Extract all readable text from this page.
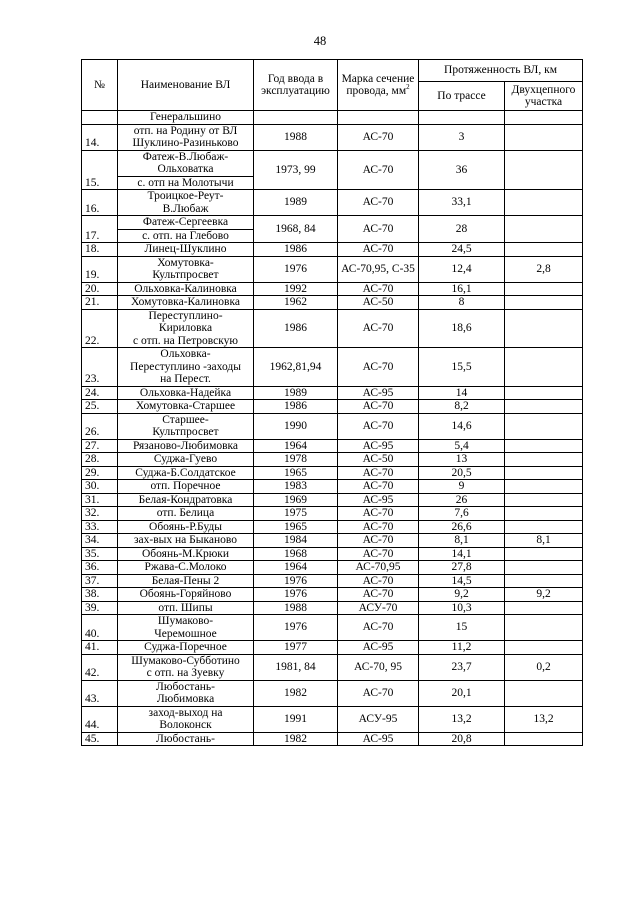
48
№	Наименование ВЛ	Год ввода в эксплуатацию	Марка сечение провода, $мм^2$	Протяженность ВЛ, км	
				По трассе	Двухцепного участка

	Генеральшино				

14.	отп. на Родину от ВЛ
Шуклино-Разиньково	1988	АС-70	3	
15.	Фатеж-В.Любаж-
Ольховатка
с. отп на Молотычи	1973, 99	АС-70	36	
16.	Троицкое-Реут-
В.Любаж	1989	АС-70	33,1	
17.	Фатеж-Сергеевка
с. отп. на Глебово	1968, 84	АС-70	28	
18.	Линец-Шуклино	1986	АС-70	24,5	
19.	Хомутовка-
Культпросвет	1976	АС-70,95, С-35	12,4	2,8
20.	Ольховка-Калиновка	1992	АС-70	16,1	
21.	Хомутовка-Калиновка	1962	АС-50	8	
22.	Переступлино-
Кириловка
с отп. на Петровскую	1986	АС-70	18,6	
23.	Ольховка-
Переступлино -заходы
на Перест.	1962,81,94	АС-70	15,5	
24.	Ольховка-Надейка	1989	АС-95	14	
25.	Хомутовка-Старшее	1986	АС-70	8,2	
26.	Старшее-
Культпросвет	1990	АС-70	14,6	
27.	Рязаново-Любимовка	1964	АС-95	5,4	
28.	Суджа-Гуево	1978	АС-50	13	
29.	Суджа-Б.Солдатское	1965	АС-70	20,5	
30.	отп. Поречное	1983	АС-70	9	
31.	Белая-Кондратовка	1969	АС-95	26	
32.	отп. Белица	1975	АС-70	7,6	
33.	Обоянь-Р.Буды	1965	АС-70	26,6	
34.	зах-вых на Быканово	1984	АС-70	8,1	8,1
35.	Обоянь-М.Крюки	1968	АС-70	14,1	
36.	Ржава-С.Молоко	1964	АС-70,95	27,8	
37.	Белая-Пены 2	1976	АС-70	14,5	
38.	Обоянь-Горяйново	1976	АС-70	9,2	9,2
39.	отп. Шипы	1988	АСУ-70	10,3	
40.	Шумаково-
Черемошное	1976	АС-70	15	
41.	Суджа-Поречное	1977	АС-95	11,2	
42.	Шумаково-Субботино
с отп. на Зуевку	1981, 84	АС-70, 95	23,7	0,2
43.	Любостань-
Любимовка	1982	АС-70	20,1	
44.	заход-выход на
Волоконск	1991	АСУ-95	13,2	13,2
45.	Любостань-	1982	АС-95	20,8	
